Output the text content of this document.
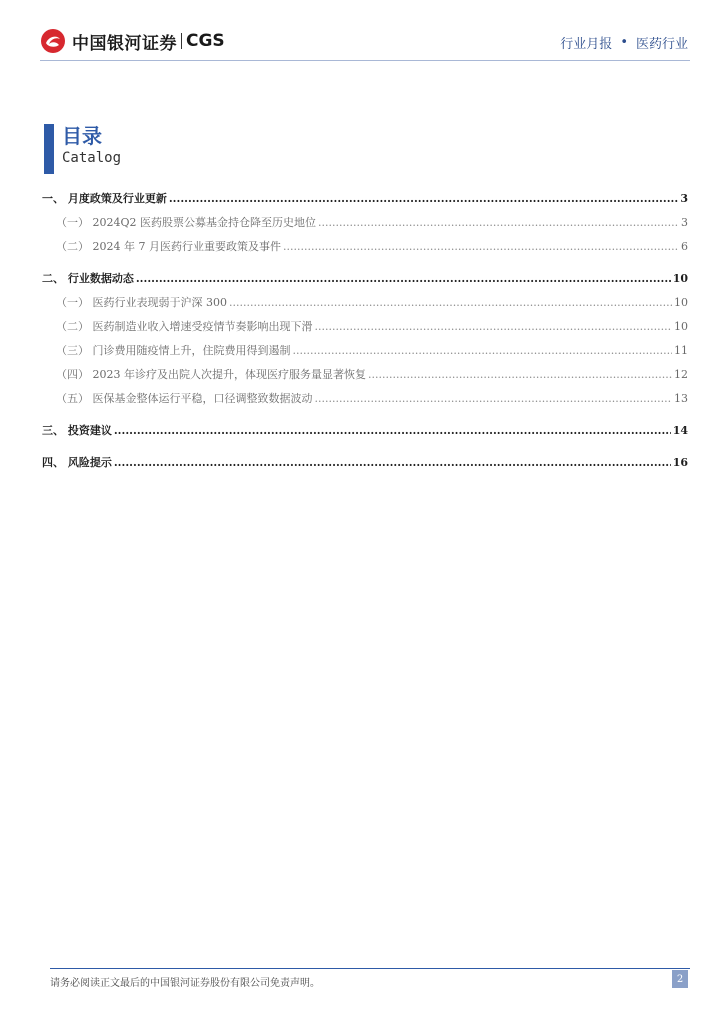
中国银河证券 CGS	行业月报 • 医药行业
目录
Catalog
一、 月度政策及行业更新 .....	3
（一） 2024Q2 医药股票公募基金持仓降至历史地位 .....	3
（二） 2024 年 7 月医药行业重要政策及事件 .....	6
二、 行业数据动态 .....	10
（一） 医药行业表现弱于沪深 300 .....	10
（二） 医药制造业收入增速受疫情节奏影响出现下滑 .....	10
（三） 门诊费用随疫情上升，住院费用得到遏制 .....	11
（四） 2023 年诊疗及出院人次提升，体现医疗服务量显著恢复 .....	12
（五） 医保基金整体运行平稳，口径调整致数据波动 .....	13
三、 投资建议 .....	14
四、 风险提示 .....	16
请务必阅读正文最后的中国银河证券股份有限公司免责声明。	2
